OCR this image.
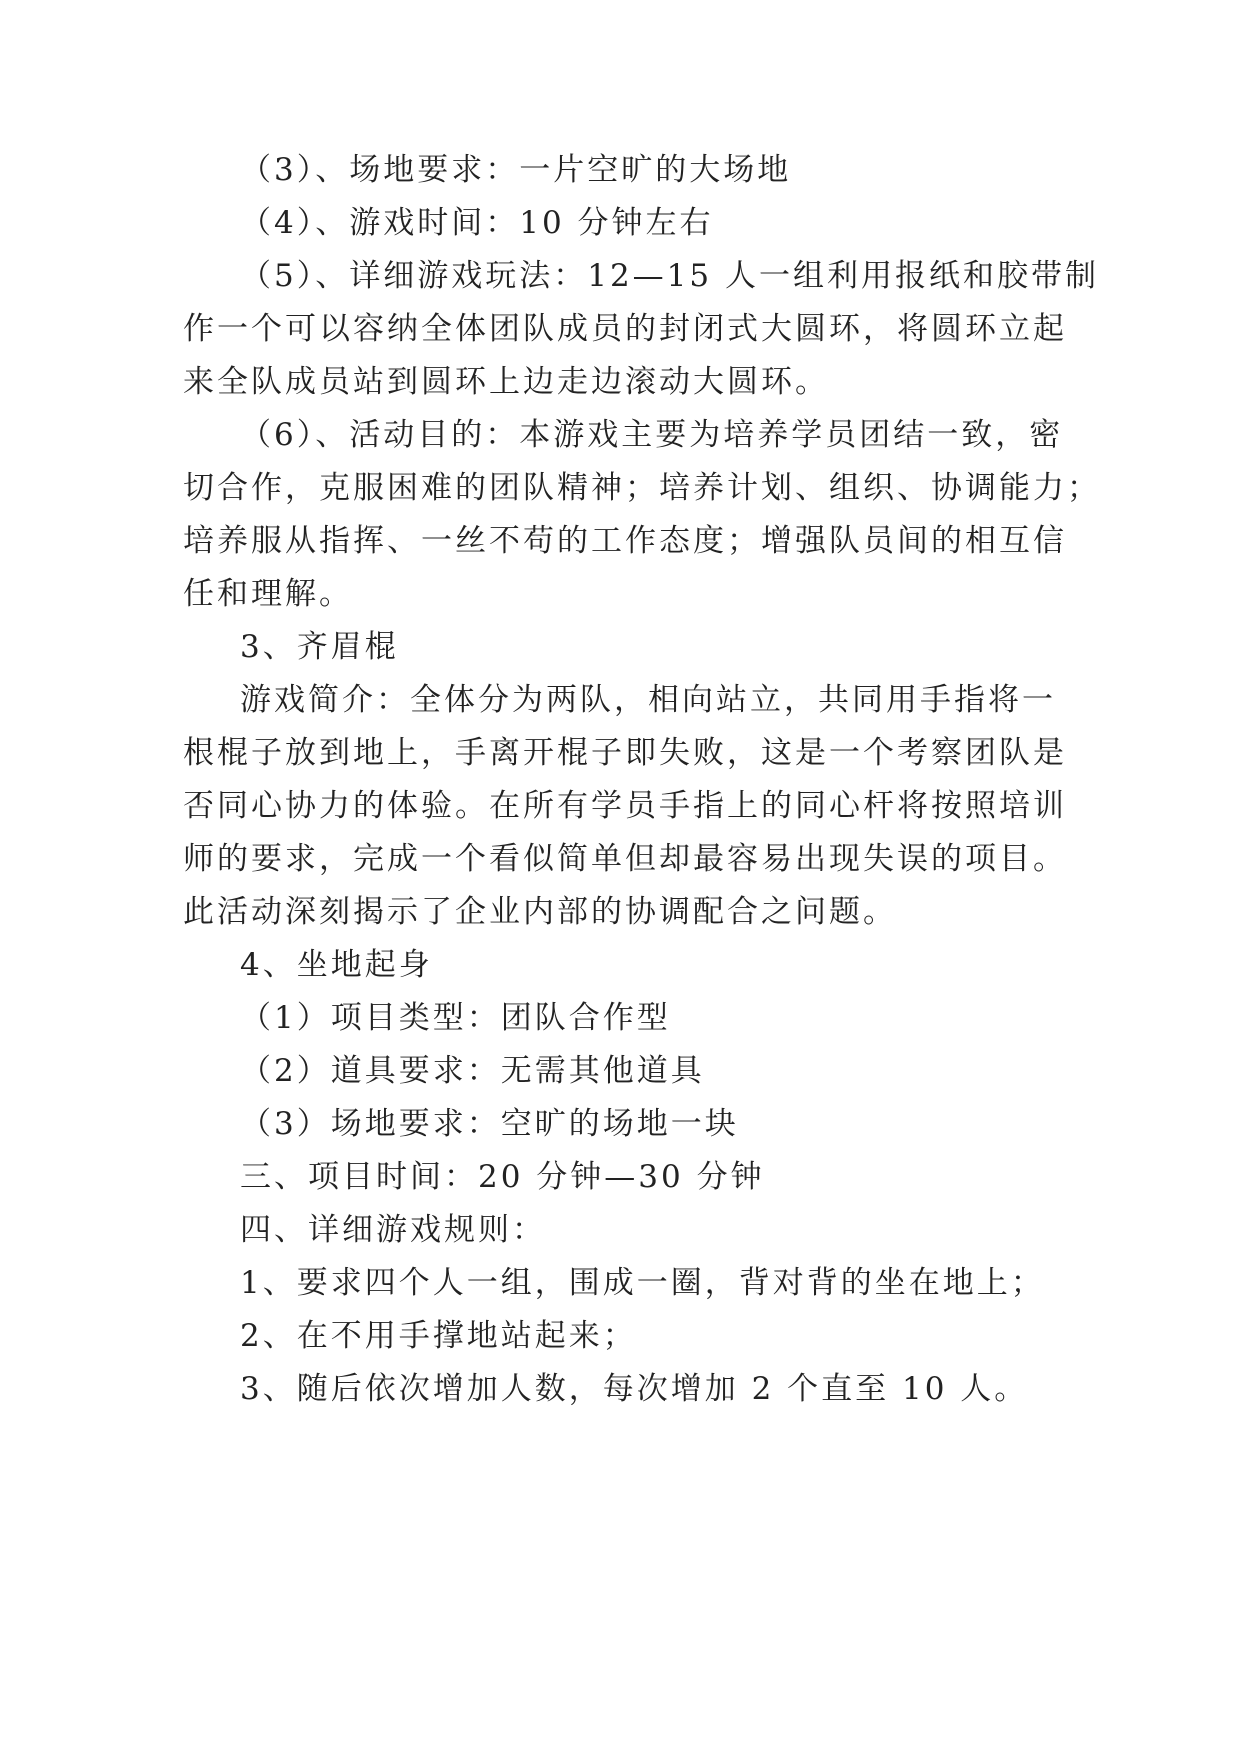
（3）、场地要求：一片空旷的大场地
（4）、游戏时间：10 分钟左右
（5）、详细游戏玩法：12—15 人一组利用报纸和胶带制
作一个可以容纳全体团队成员的封闭式大圆环，将圆环立起
来全队成员站到圆环上边走边滚动大圆环。
（6）、活动目的：本游戏主要为培养学员团结一致，密
切合作，克服困难的团队精神；培养计划、组织、协调能力；
培养服从指挥、一丝不苟的工作态度；增强队员间的相互信
任和理解。
3、齐眉棍
游戏简介：全体分为两队，相向站立，共同用手指将一
根棍子放到地上，手离开棍子即失败，这是一个考察团队是
否同心协力的体验。在所有学员手指上的同心杆将按照培训
师的要求，完成一个看似简单但却最容易出现失误的项目。
此活动深刻揭示了企业内部的协调配合之问题。
4、坐地起身
（1）项目类型：团队合作型
（2）道具要求：无需其他道具
（3）场地要求：空旷的场地一块
三、项目时间：20 分钟—30 分钟
四、详细游戏规则：
1、要求四个人一组，围成一圈，背对背的坐在地上；
2、在不用手撑地站起来；
3、随后依次增加人数，每次增加 2 个直至 10 人。
